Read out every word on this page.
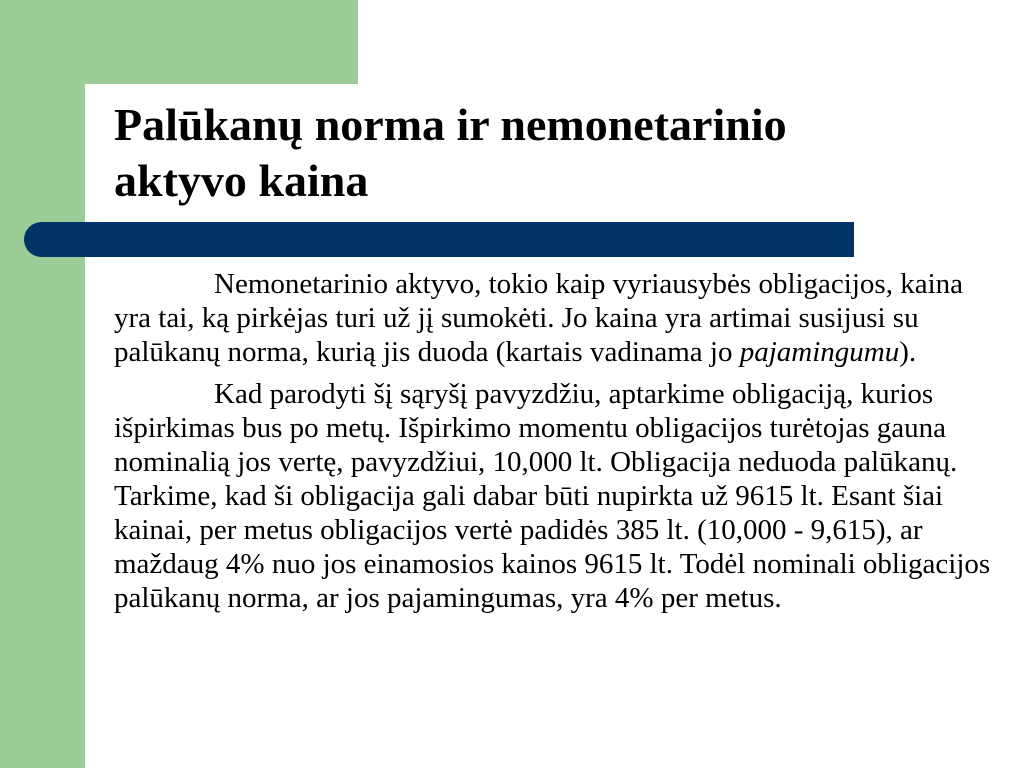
Palūkanų norma ir nemonetarinio
aktyvo kaina

Nemonetarinio aktyvo, tokio kaip vyriausybės obligacijos, kaina yra tai, ką pirkėjas turi už jį sumokėti. Jo kaina yra artimai susijusi su palūkanų norma, kurią jis duoda (kartais vadinama jo pajamingumu).

Kad parodyti šį sąryšį pavyzdžiu, aptarkime obligaciją, kurios išpirkimas bus po metų. Išpirkimo momentu obligacijos turėtojas gauna nominalią jos vertę, pavyzdžiui, 10,000 lt. Obligacija neduoda palūkanų. Tarkime, kad ši obligacija gali dabar būti nupirkta už 9615 lt. Esant šiai kainai, per metus obligacijos vertė padidės 385 lt. (10,000 - 9,615), ar maždaug 4% nuo jos einamosios kainos 9615 lt. Todėl nominali obligacijos palūkanų norma, ar jos pajamingumas, yra 4% per metus.
